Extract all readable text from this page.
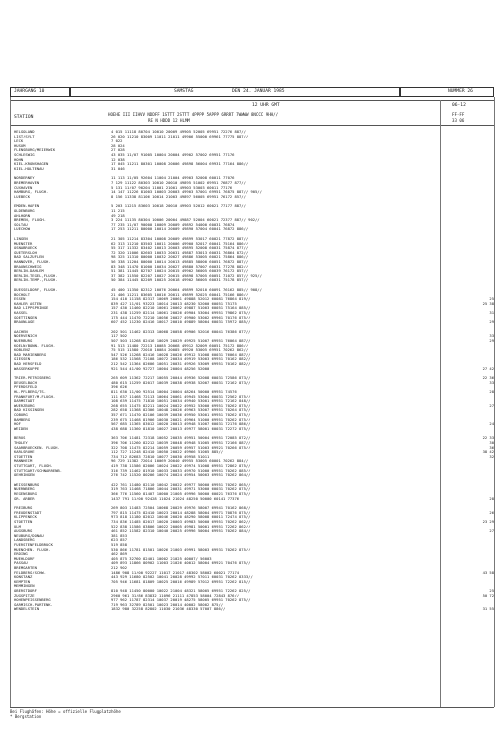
JAHRGANG 10	SAMSTAG	DEN 24. JANUAR 1985	NUMMER 26
12 UHR GMT	06-12
STATION
HOEHE III IIHVV NDDFF 1STTT 2STTT 4PPPP 5APPP 6RRRT 7WWWW 8NCCC 9HH//
RE N HDDD 12 HLMM
FF-FF
33 06
HELGOLAND	4 015 11118 80704 10010 20009 49905 52005 69951 72276 887//
LIST/SYLT	26 020 11210 83009 11011 21011 49906 55000 69961 77775 887//
LECK	7 022
HUSUM	28 024
FLENSBURG/MEIERWIK	27 028
SCHLESWIG	43 035 11/07 91005 10004 20004 49902 57002 69951 77176
HOHN	12 038
KIEL-KRONSHAGEN	17 045 11211 80301 10008 20006 49898 56004 69931 77164 886//
KIEL-HOLTENAU	31 046
NORDERNEY	11 113 11/05 92604 11004 21004 49903 52008 60011 77076
BREMERHAVEN	7 129 11122 80303 10010 20010 49895 51002 69951 76877 877//
CUXHAVEN	5 131 11/07 90204 11001 21001 49903 53003 60011 77176
HAMBURG, FLUGH.	14 147 11226 81003 10003 20003 49903 57001 69951 76875 887// 905//
LUEBECK	8 156 11338 81106 10014 21003 49897 56005 69951 76172 857//
EMDEN-HAFEN	5 203 11215 83603 10018 20010 49903 52012 60021 77177 887//
OLDENBURG	11 215
AHLHORN	49 218
BREMEN, FLUGH.	3 224 11135 80304 10006 20004 49887 52004 60021 72377 887// 902//
SOLTAU	77 235 11/07 90000 10009 20009 49892 54000 60031 76874
LUECHOW	17 253 11211 80000 10014 20009 49890 57004 60041 76872 886//
LINGEN	21 305 11214 83304 10008 20009 49899 53017 60021 77872 887//
MUENSTER	62 313 11210 83503 10011 20006 49900 52017 60041 75164 886//
OSNABRUECK	55 317 11332 83402 10013 20003 49895 52008 60031 75874 877//
GUETERSLOH	72 320 11006 82603 10033 20031 49887 53013 60031 76864 872//
BAD SALZUFLEN	98 325 11310 80000 10032 20027 49886 53005 60021 75864 886//
HANNOVER, FLUGH.	56 338 11204 80000 10014 20013 49885 58000 60051 76872 887//
BRAUNSCHWEIG	83 348 11470 81000 10034 20027 49880 57007 60031 77278 882//
BERLIN-DAHLEM	51 381 11445 82707 10024 20015 49902 56005 60039 76172 857//
BERLIN-TEGEL,FLUGH.	37 382 11550 82207 10027 20015 49898 57005 60051 71072 857// 925//
BERLIN-TEMP.,FLUGH.	50 384 11445 82209 10025 20018 49902 56005 60031 75178 857//
DUESSELDORF, FLUGH.	45 400 11350 82312 10076 20064 49899 52010 60091 76162 885// 908//
BOCHOLT	21 406 11211 83605 10016 20011 49899 52025 60041 75166 886//
ESSEN	154 410 11158 82317 10069 20061 49888 52012 60081 76864 819//	25
KAHLER ASTEN	839 427 11/01 93223 10014 20013 48230 52000 60051 75175	25 38
BAD LIPPSPRINGE	157 430 11460 82210 10061 20062 49887 51003 60051 75164 885//
KASSEL	231 438 11259 82114 10061 20026 49904 53004 69951 79862 875//	31
GOETTINGEN	175 444 11470 72210 10056 20027 49900 53002 69961 70176 875//
BRAUNLAGE	607 452 11230 82416 10017 20010 49889 58004 60031 75972 885//	29
AACHEN	202 501 11462 82313 10068 20058 49906 52016 60041 76386 877//
NOERVENICH	117 502	33
NUERBURG	507 503 11268 82416 10029 20029 49925 51007 69951 76064 887//	29
KOELN/BONN, FLUGH.	91 513 11480 72213 10085 20068 49912 52009 60051 75172 886//
KOBLENZ	75 515 11580 72010 10084 20085 49920 53005 69951 70262 862//
BAD MARIENBERG	547 526 11268 82416 10028 20026 49912 51008 60031 76064 887//
GIESSEN	186 532 11568 72108 10072 20034 49919 53003 69951 70162 882//
BAD HERSFELD	212 542 11364 82606 10051 20031 49926 53009 69951 70162 882//
WASSERKUPPE	921 544 41/00 92727 10004 20004 48256 52000	27 42
TRIER-PETRISBERG	265 609 11362 72217 10055 20044 49936 52008 60031 72586 873//	22 36
DEUSELBACH	480 615 11259 82017 10039 20038 49938 52007 60031 72162 873//	33
PFERDSFELD	396 626
HL.PFLBERG/TS.	811 630 11/00 92514 10004 20004 48264 50000 69951 74576	28
FRANKFURT/M,FLUGH.	111 637 11468 72113 10064 20061 49945 53004 60031 72562 875//
DARMSTADT	108 639 11475 71810 10051 20034 49940 53001 69951 72162 848//
WUERZBURG	268 655 11475 82211 10024 20022 49952 53000 69951 70262 875//	27
BAD KISSINGEN	282 658 11368 82306 10048 20026 49963 53007 69951 70264 875//
COBURG	357 671 11470 82106 10039 20036 49950 53001 69951 70262 875//
BAMBERG	239 675 11468 81906 10030 20021 49964 51000 69951 70262 875//
HOF	567 685 11365 83012 10020 20013 49948 51007 60031 72176 886//	24
WEIDEN	438 688 11360 81810 10027 20013 49977 58001 60031 72272 875//
BERUS	363 706 11481 72318 10052 20035 49951 50004 69951 72085 872//	22 33
THOLEY	396 706 11260 82212 10039 20048 49948 51005 69951 72166 887//	30
SAARBRUECKEN, FLUGH.	322 708 11475 82214 10059 20059 49957 51003 69921 70266 875//	36
KARLSRUHE	112 727 11248 82410 10050 20022 49966 51005 885//	38 42
STOETTEN	734 712 82683 72810 10077 20030 49958 51011	32
MANNHEIM	96 729 11382 72014 10069 20040 49955 53005 60001 70262 884//
STUTTGART, FLUGH.	419 738 11586 82006 10024 20022 49974 51008 69951 72862 875//
STUTTGART/SCHNARRENB.	316 739 11462 81910 10033 20033 49970 51000 69951 70262 885//
OEHRINGEN	276 742 11520 80206 10074 20024 49954 50003 69951 70262 864//
WEISSENBURG	422 761 11480 82110 10042 20022 49977 50000 69951 70262 865//
NUERNBERG	319 763 11468 71806 10044 20031 49971 53000 60031 70262 875//
REGENSBURG	366 776 11560 81407 10000 21005 49996 50000 60021 76376 875//
GR. ARBER	1437 791 11/00 92428 11024 21024 48250 50000 60141 77376	28
FREIBURG	269 803 11483 72504 10068 20029 49976 58007 69941 70162 868//
FREUDENSTADT	797 815 11475 82410 10023 20014 48288 58004 69971 70876 875//	26
KLIPPENECK	973 818 11180 82012 10046 20020 48290 58008 60011 72474 875//
STOETTEN	734 836 11485 82017 10020 20003 49983 50000 69951 70262 862//	23 29
ULM	522 838 11586 83806 10022 20005 49981 50001 69951 72262 862//
AUGSBURG	461 852 11582 82310 10040 20025 49996 50004 69951 70262 884//	27
NEUBURG/DONAU	381 853
LANDSBERG	623 857
FUERSTENFELDBRUCK	519 858
MUENCHEN, FLUGH.	530 866 11781 81501 10026 21003 49991 58003 69931 70262 875//
ERDING	462 869
MUEHLDORF	405 875 32760 82401 10002 21025 40007/ 56003
PASSAU	409 893 11866 80902 11003 21026 40012 58004 69921 70476 875//
BREMGARTEN	212 902
FELDBERG/SCHW.	1486 908 11/00 92227 11017 21017 48302 58002 60021 77174	43 58
KONSTANZ	443 929 11680 82502 10041 20028 49992 57011 60031 70262 8333//
KEMPTEN	705 946 11681 81809 10025 20016 49989 57012 69951 72262 815//
MEMMINGEN
OBERSTDORF	810 948 11450 80000 10022 21004 48321 58005 69951 72262 825//	25
ZUGSPITZE	2960 961 31/86 83832 11096 21111 47853 58004 72843 876//	50 72
HOHENPEISSENBERG	977 962 11787 82314 10037 20019 48275 58005 69951 70262 875//
GARMISCH-PARTENK.	719 963 32789 82501 10023 20014 40002 58002 875//
WENDELSTEIN	1832 980 32258 82802 11030 21036 48330 57007 886//	31 55
Bei Flughäfen: Höhe = offizielle Flugplatzhöhe
* Bergstation
